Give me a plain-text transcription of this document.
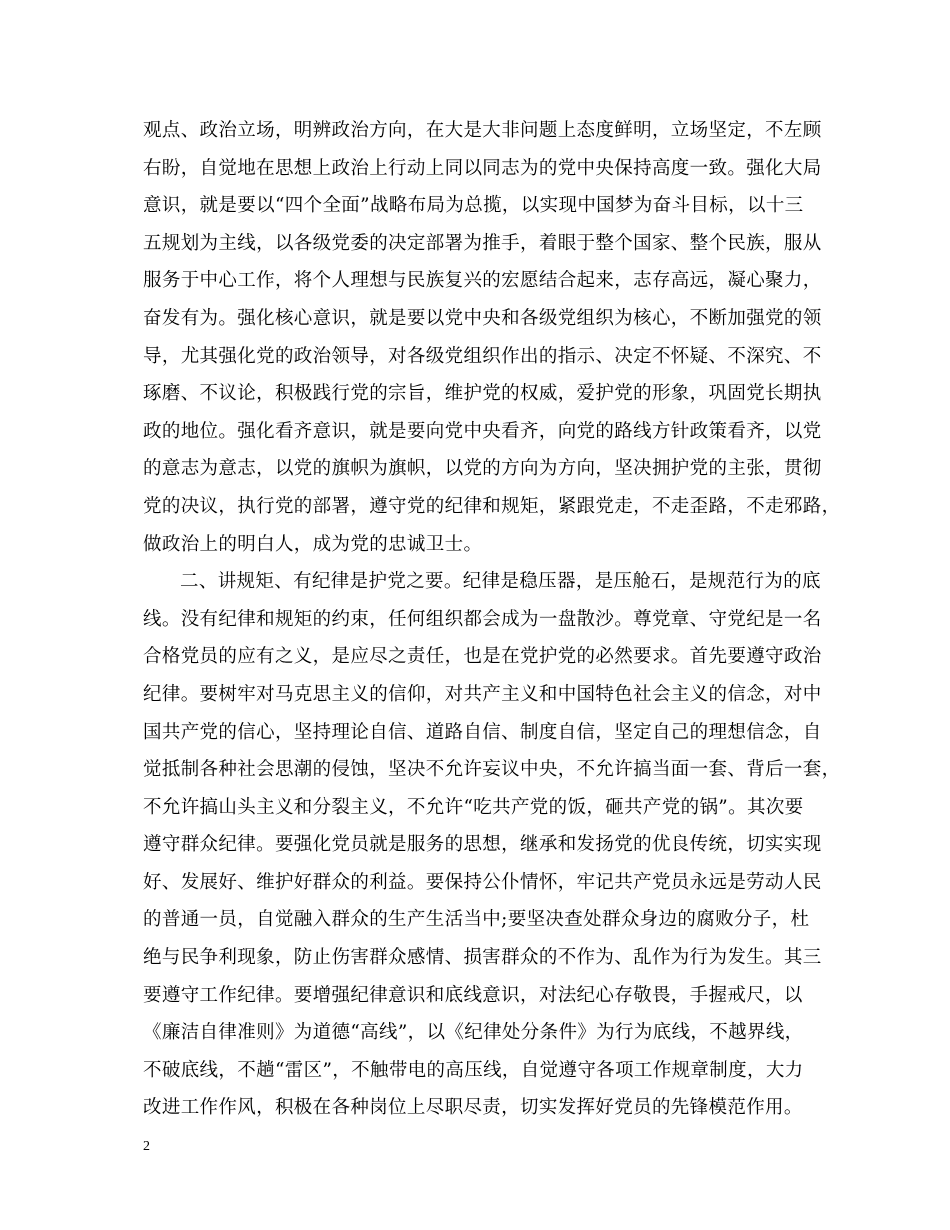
观点、政治立场，明辨政治方向，在大是大非问题上态度鲜明，立场坚定，不左顾
右盼，自觉地在思想上政治上行动上同以同志为的党中央保持高度一致。强化大局
意识，就是要以“四个全面”战略布局为总揽，以实现中国梦为奋斗目标，以十三
五规划为主线，以各级党委的决定部署为推手，着眼于整个国家、整个民族，服从
服务于中心工作，将个人理想与民族复兴的宏愿结合起来，志存高远，凝心聚力，
奋发有为。强化核心意识，就是要以党中央和各级党组织为核心，不断加强党的领
导，尤其强化党的政治领导，对各级党组织作出的指示、决定不怀疑、不深究、不
琢磨、不议论，积极践行党的宗旨，维护党的权威，爱护党的形象，巩固党长期执
政的地位。强化看齐意识，就是要向党中央看齐，向党的路线方针政策看齐，以党
的意志为意志，以党的旗帜为旗帜，以党的方向为方向，坚决拥护党的主张，贯彻
党的决议，执行党的部署，遵守党的纪律和规矩，紧跟党走，不走歪路，不走邪路，
做政治上的明白人，成为党的忠诚卫士。
二、讲规矩、有纪律是护党之要。纪律是稳压器，是压舱石，是规范行为的底
线。没有纪律和规矩的约束，任何组织都会成为一盘散沙。尊党章、守党纪是一名
合格党员的应有之义，是应尽之责任，也是在党护党的必然要求。首先要遵守政治
纪律。要树牢对马克思主义的信仰，对共产主义和中国特色社会主义的信念，对中
国共产党的信心，坚持理论自信、道路自信、制度自信，坚定自己的理想信念，自
觉抵制各种社会思潮的侵蚀，坚决不允许妄议中央，不允许搞当面一套、背后一套，
不允许搞山头主义和分裂主义，不允许“吃共产党的饭，砸共产党的锅”。其次要
遵守群众纪律。要强化党员就是服务的思想，继承和发扬党的优良传统，切实实现
好、发展好、维护好群众的利益。要保持公仆情怀，牢记共产党员永远是劳动人民
的普通一员，自觉融入群众的生产生活当中;要坚决查处群众身边的腐败分子，杜
绝与民争利现象，防止伤害群众感情、损害群众的不作为、乱作为行为发生。其三
要遵守工作纪律。要增强纪律意识和底线意识，对法纪心存敬畏，手握戒尺，以
《廉洁自律准则》为道德“高线”，以《纪律处分条件》为行为底线，不越界线，
不破底线，不趟“雷区”，不触带电的高压线，自觉遵守各项工作规章制度，大力
改进工作作风，积极在各种岗位上尽职尽责，切实发挥好党员的先锋模范作用。
2
